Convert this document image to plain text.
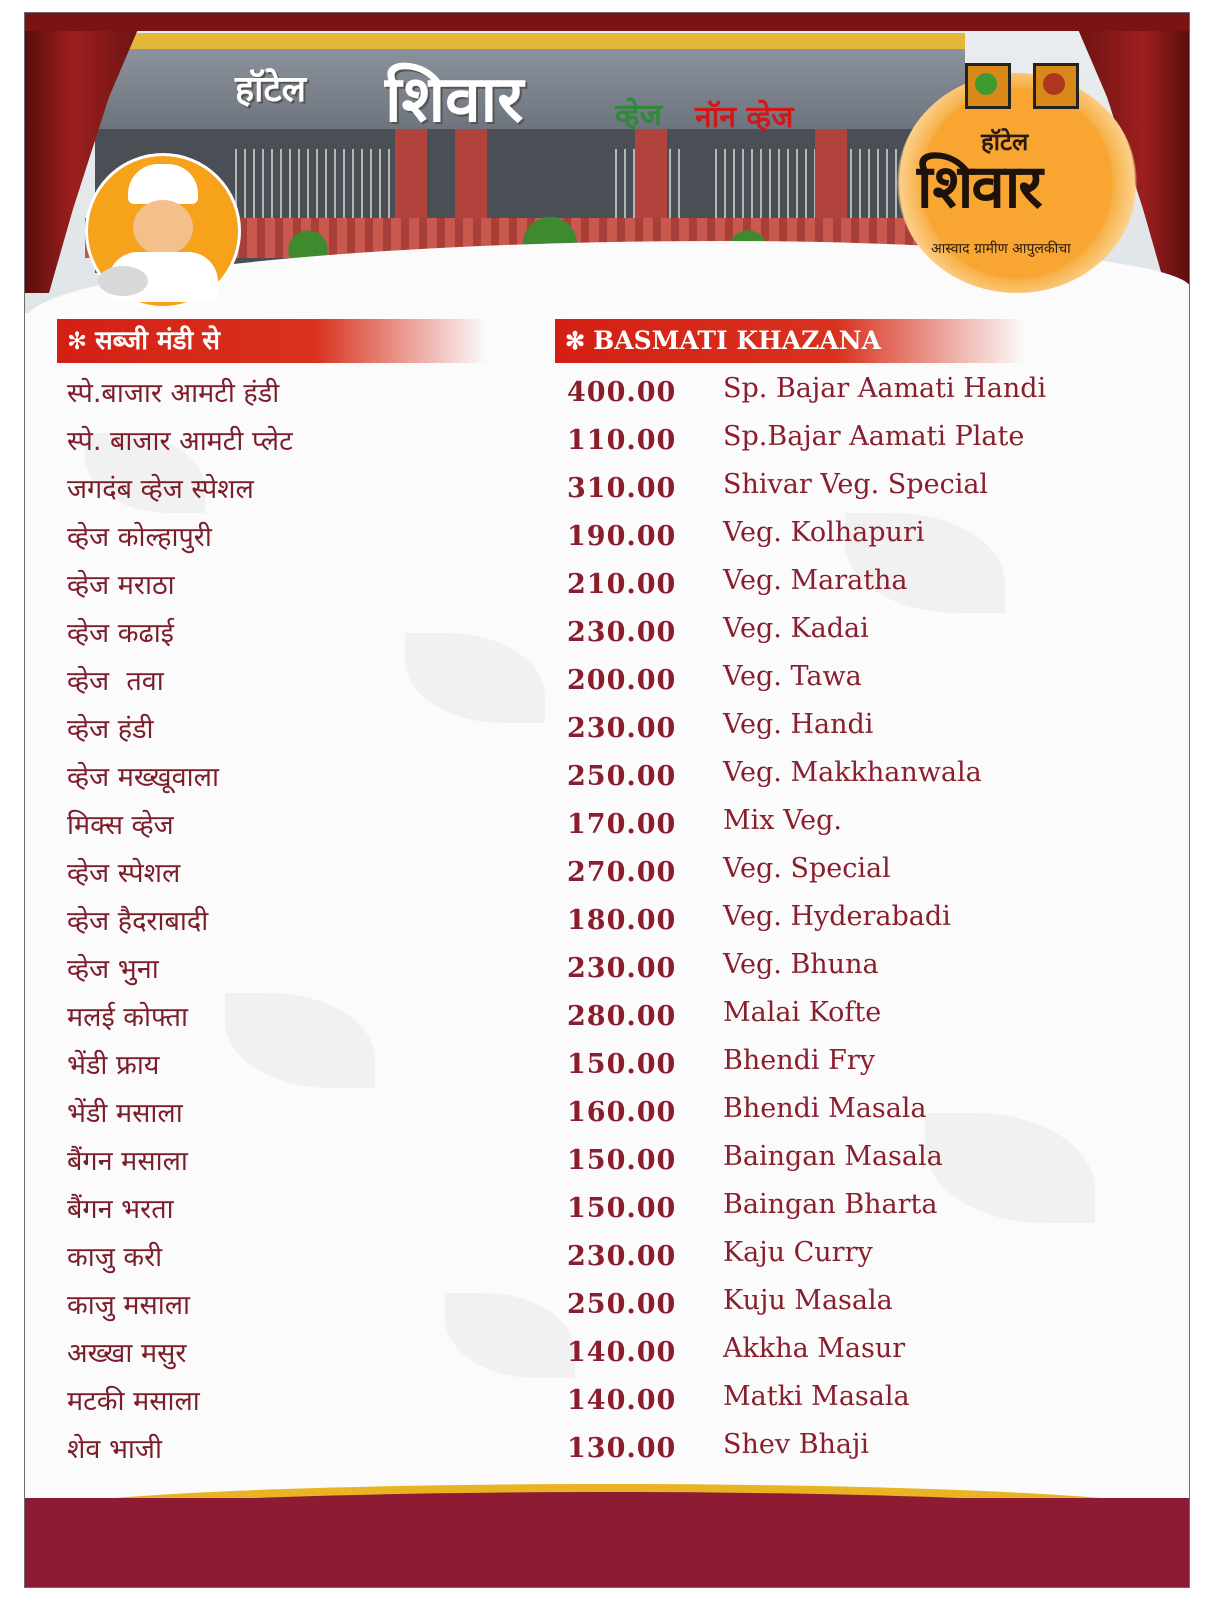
हॉटेल शिवार	व्हेज नॉन व्हेज
हॉटेल
शिवार
आस्वाद ग्रामीण आपुलकीचा
✻ सब्जी मंडी से	✻ BASMATI KHAZANA
स्पे.बाजार आमटी हंडी	400.00 Sp. Bajar Aamati Handi
स्पे. बाजार आमटी प्लेट	110.00 Sp.Bajar Aamati Plate
जगदंब व्हेज स्पेशल	310.00 Shivar Veg. Special
व्हेज कोल्हापुरी	190.00 Veg. Kolhapuri
व्हेज मराठा	210.00 Veg. Maratha
व्हेज कढाई	230.00 Veg. Kadai
व्हेज  तवा	200.00 Veg. Tawa
व्हेज हंडी	230.00 Veg. Handi
व्हेज मख्खूवाला	250.00 Veg. Makkhanwala
मिक्स व्हेज	170.00 Mix Veg.
व्हेज स्पेशल	270.00 Veg. Special
व्हेज हैदराबादी	180.00 Veg. Hyderabadi
व्हेज भुना	230.00 Veg. Bhuna
मलई कोफ्ता	280.00 Malai Kofte
भेंडी फ्राय	150.00 Bhendi Fry
भेंडी मसाला	160.00 Bhendi Masala
बैंगन मसाला	150.00 Baingan Masala
बैंगन भरता	150.00 Baingan Bharta
काजु करी	230.00 Kaju Curry
काजु मसाला	250.00 Kuju Masala
अख्खा मसुर	140.00 Akkha Masur
मटकी मसाला	140.00 Matki Masala
शेव भाजी	130.00 Shev Bhaji
